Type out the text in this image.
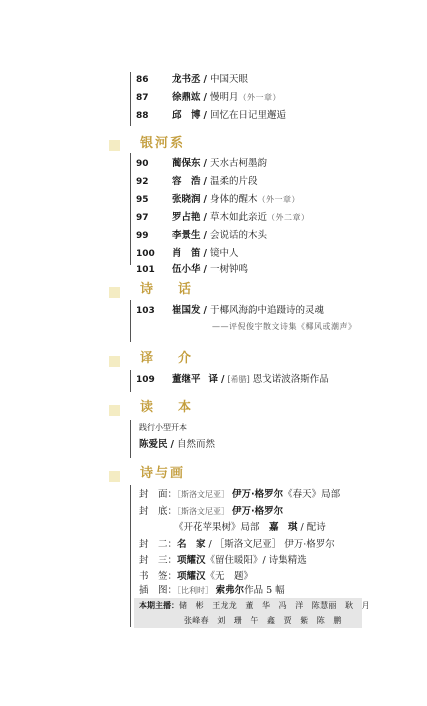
86	龙书丞 / 中国天眼
87	徐鼎竑 / 慢明月（外一章）
88	邱　博 / 回忆在日记里邂逅
银河系
90	蔺保东 / 天水古柯墨韵
92	容　浩 / 温柔的片段
95	张晓润 / 身体的醒木（外一章）
97	罗占艳 / 草木如此亲近（外二章）
99	李景生 / 会说话的木头
100	肖　笛 / 镜中人
101	伍小华 / 一树钟鸣
诗　话
103	崔国发 / 于椰风海韵中追蹑诗的灵魂
——评倪俊宇散文诗集《椰风或潮声》
译　介
109	董继平 译 / [希腊] 恩戈诺波洛斯作品
读　本
践行小型开本
陈爱民 / 自然而然
诗与画
封　面：［斯洛文尼亚］ 伊万·格罗尔《春天》局部
封　底：［斯洛文尼亚］ 伊万·格罗尔
《开花苹果树》局部　嘉　琪 / 配诗
封　二：名　家 / ［斯洛文尼亚］ 伊万·格罗尔
封　三：项耀汉《留住暖阳》/ 诗集精选
书　签：项耀汉《无　题》
插　图：［比利时］ 索弗尔作品 5 幅
本期主播：储　彬　王龙龙　董　华　冯　洋　陈慧丽　耿　月
张峰春　刘　珊　午　鑫　贾　紫　陈　鹏
